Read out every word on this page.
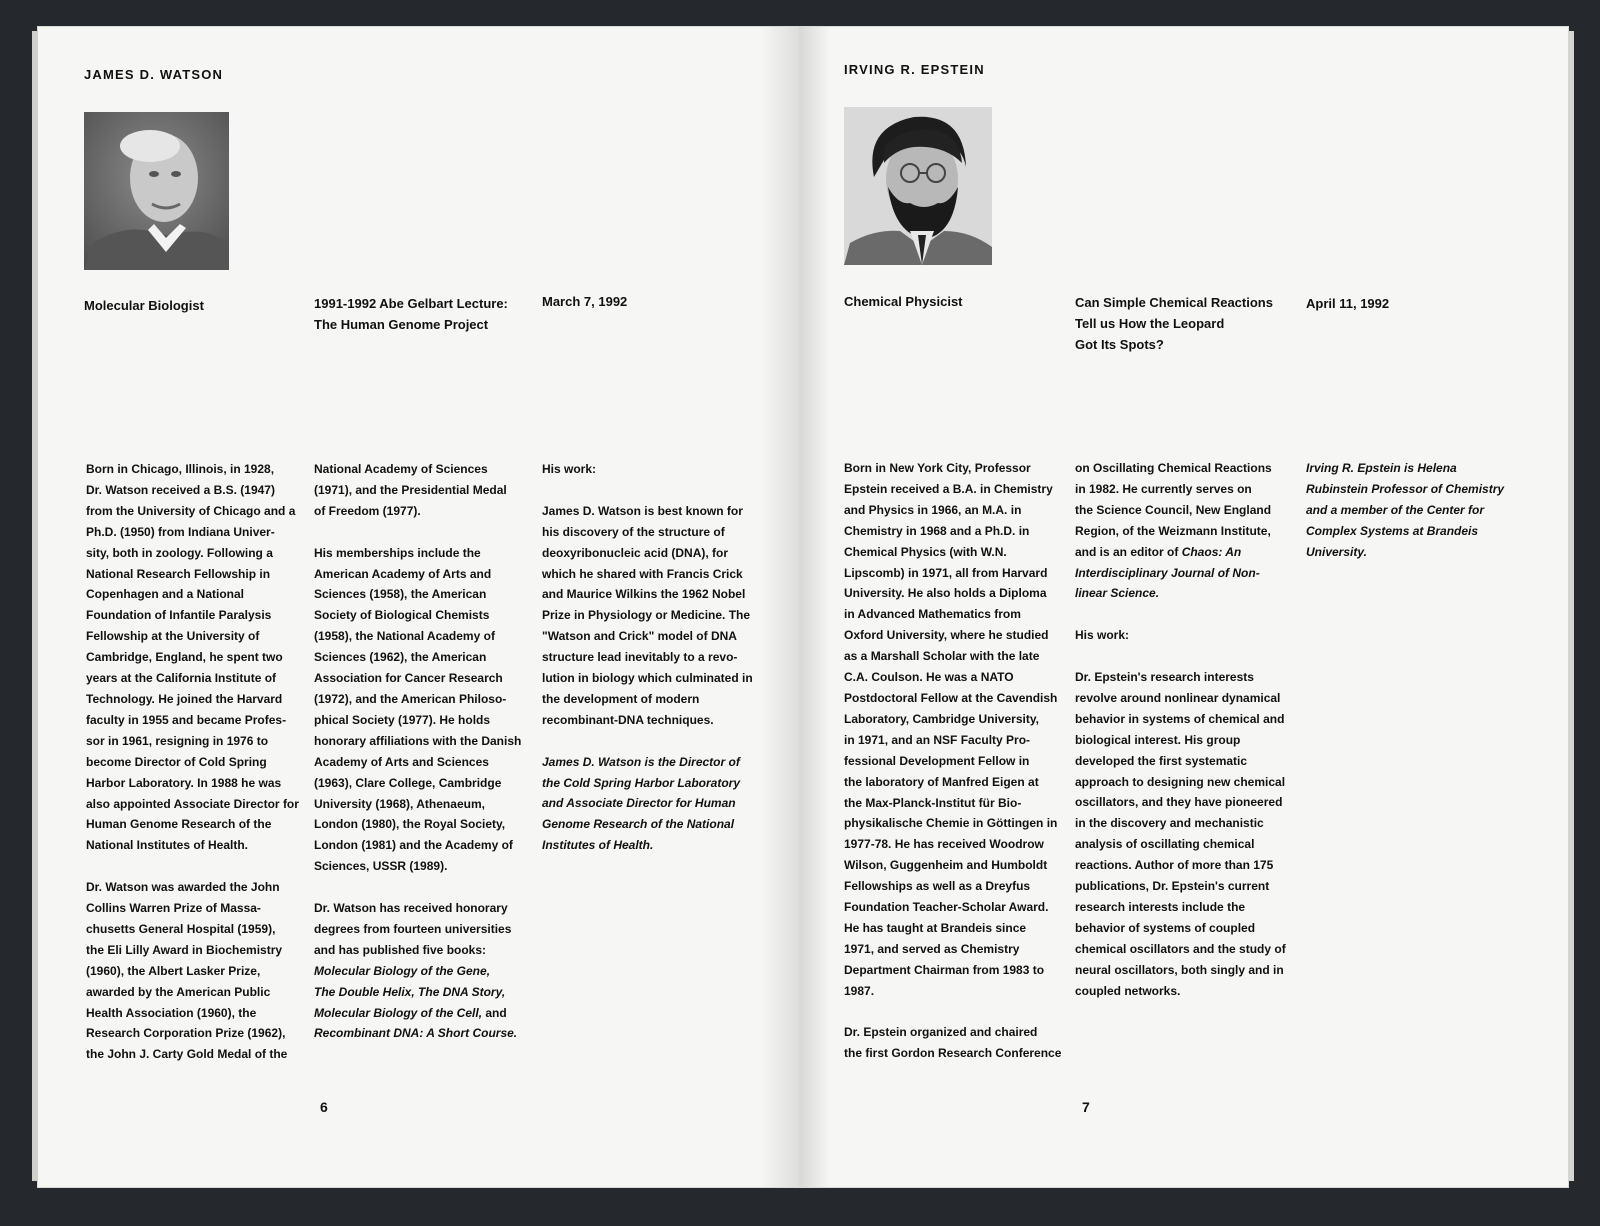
JAMES D. WATSON
Molecular Biologist	1991-1992 Abe Gelbart Lecture:
The Human Genome Project
March 7, 1992
Born in Chicago, Illinois, in 1928,
Dr. Watson received a B.S. (1947)
from the University of Chicago and a
Ph.D. (1950) from Indiana Univer-
sity, both in zoology. Following a
National Research Fellowship in
Copenhagen and a National
Foundation of Infantile Paralysis
Fellowship at the University of
Cambridge, England, he spent two
years at the California Institute of
Technology. He joined the Harvard
faculty in 1955 and became Profes-
sor in 1961, resigning in 1976 to
become Director of Cold Spring
Harbor Laboratory. In 1988 he was
also appointed Associate Director for
Human Genome Research of the
National Institutes of Health.

Dr. Watson was awarded the John
Collins Warren Prize of Massa-
chusetts General Hospital (1959),
the Eli Lilly Award in Biochemistry
(1960), the Albert Lasker Prize,
awarded by the American Public
Health Association (1960), the
Research Corporation Prize (1962),
the John J. Carty Gold Medal of the
National Academy of Sciences
(1971), and the Presidential Medal
of Freedom (1977).

His memberships include the
American Academy of Arts and
Sciences (1958), the American
Society of Biological Chemists
(1958), the National Academy of
Sciences (1962), the American
Association for Cancer Research
(1972), and the American Philoso-
phical Society (1977). He holds
honorary affiliations with the Danish
Academy of Arts and Sciences
(1963), Clare College, Cambridge
University (1968), Athenaeum,
London (1980), the Royal Society,
London (1981) and the Academy of
Sciences, USSR (1989).

Dr. Watson has received honorary
degrees from fourteen universities
and has published five books:
Molecular Biology of the Gene,
The Double Helix, The DNA Story,
Molecular Biology of the Cell, and
Recombinant DNA: A Short Course.
His work:
James D. Watson is best known for
his discovery of the structure of
deoxyribonucleic acid (DNA), for
which he shared with Francis Crick
and Maurice Wilkins the 1962 Nobel
Prize in Physiology or Medicine. The
"Watson and Crick" model of DNA
structure lead inevitably to a revo-
lution in biology which culminated in
the development of modern
recombinant-DNA techniques.
James D. Watson is the Director of
the Cold Spring Harbor Laboratory
and Associate Director for Human
Genome Research of the National
Institutes of Health.
6
IRVING R. EPSTEIN
Chemical Physicist	Can Simple Chemical Reactions
Tell us How the Leopard
Got Its Spots?
April 11, 1992
Born in New York City, Professor
Epstein received a B.A. in Chemistry
and Physics in 1966, an M.A. in
Chemistry in 1968 and a Ph.D. in
Chemical Physics (with W.N.
Lipscomb) in 1971, all from Harvard
University. He also holds a Diploma
in Advanced Mathematics from
Oxford University, where he studied
as a Marshall Scholar with the late
C.A. Coulson. He was a NATO
Postdoctoral Fellow at the Cavendish
Laboratory, Cambridge University,
in 1971, and an NSF Faculty Pro-
fessional Development Fellow in
the laboratory of Manfred Eigen at
the Max-Planck-Institut für Bio-
physikalische Chemie in Göttingen in
1977-78. He has received Woodrow
Wilson, Guggenheim and Humboldt
Fellowships as well as a Dreyfus
Foundation Teacher-Scholar Award.
He has taught at Brandeis since
1971, and served as Chemistry
Department Chairman from 1983 to
1987.

Dr. Epstein organized and chaired
the first Gordon Research Conference
on Oscillating Chemical Reactions
in 1982. He currently serves on
the Science Council, New England
Region, of the Weizmann Institute,
and is an editor of Chaos: An
Interdisciplinary Journal of Non-
linear Science.
His work:
Dr. Epstein's research interests
revolve around nonlinear dynamical
behavior in systems of chemical and
biological interest. His group
developed the first systematic
approach to designing new chemical
oscillators, and they have pioneered
in the discovery and mechanistic
analysis of oscillating chemical
reactions. Author of more than 175
publications, Dr. Epstein's current
research interests include the
behavior of systems of coupled
chemical oscillators and the study of
neural oscillators, both singly and in
coupled networks.
Irving R. Epstein is Helena
Rubinstein Professor of Chemistry
and a member of the Center for
Complex Systems at Brandeis
University.
7
